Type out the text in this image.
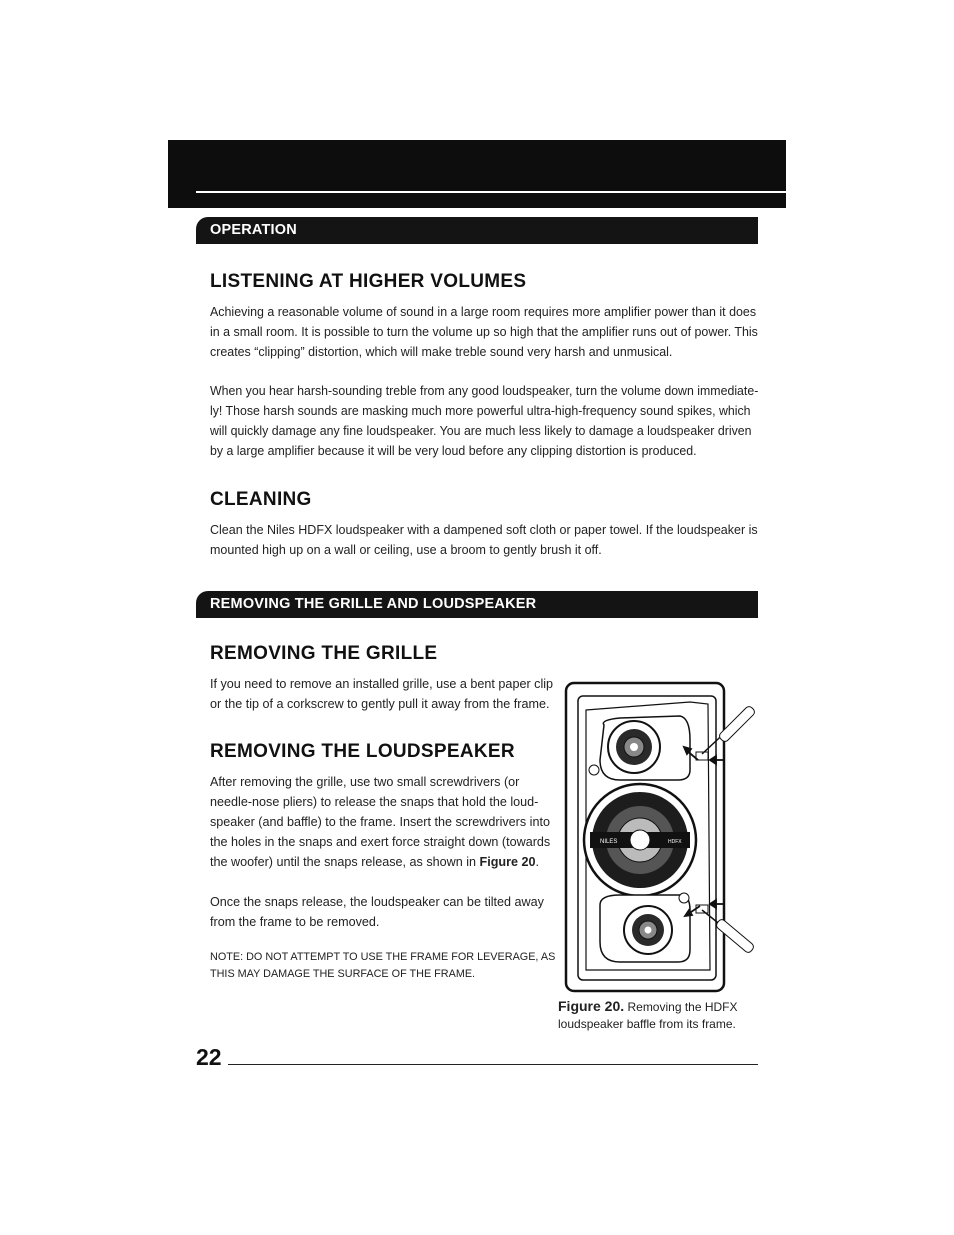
OPERATION
LISTENING AT HIGHER VOLUMES
Achieving a reasonable volume of sound in a large room requires more amplifier power than it does
in a small room. It is possible to turn the volume up so high that the amplifier runs out of power. This
creates “clipping” distortion, which will make treble sound very harsh and unmusical.
When you hear harsh-sounding treble from any good loudspeaker, turn the volume down immediate-
ly! Those harsh sounds are masking much more powerful ultra-high-frequency sound spikes, which
will quickly damage any fine loudspeaker. You are much less likely to damage a loudspeaker driven
by a large amplifier because it will be very loud before any clipping distortion is produced.
CLEANING
Clean the Niles HDFX loudspeaker with a dampened soft cloth or paper towel. If the loudspeaker is
mounted high up on a wall or ceiling, use a broom to gently brush it off.
REMOVING THE GRILLE AND LOUDSPEAKER
REMOVING THE GRILLE
If you need to remove an installed grille, use a bent paper clip
or the tip of a corkscrew to gently pull it away from the frame.
REMOVING THE LOUDSPEAKER
After removing the grille, use two small screwdrivers (or
needle-nose pliers) to release the snaps that hold the loud-
speaker (and baffle) to the frame. Insert the screwdrivers into
the holes in the snaps and exert force straight down (towards
the woofer) until the snaps release, as shown in Figure 20.
Once the snaps release, the loudspeaker can be tilted away
from the frame to be removed.
NOTE: DO NOT ATTEMPT TO USE THE FRAME FOR LEVERAGE, AS
THIS MAY DAMAGE THE SURFACE OF THE FRAME.
NILES	HDFX
Figure 20. Removing the HDFX
loudspeaker baffle from its frame.
22
